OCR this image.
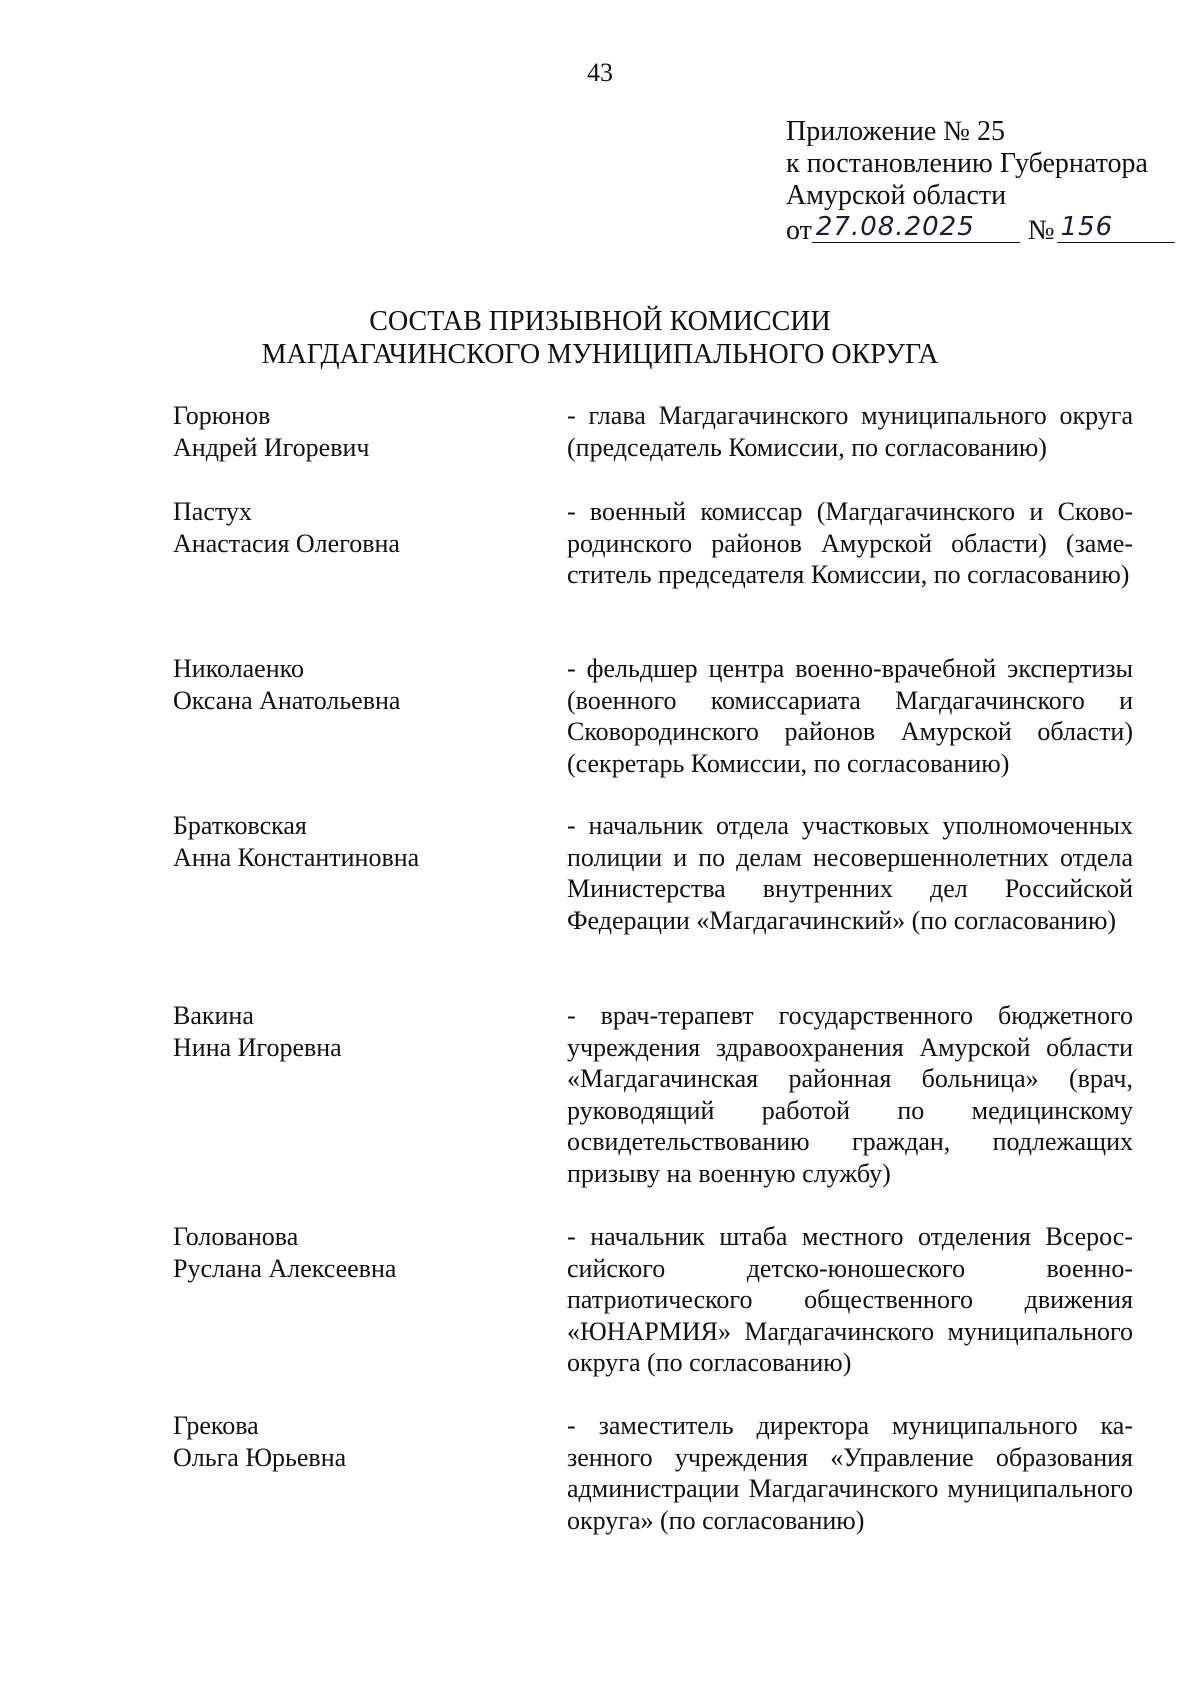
43
Приложение № 25
к постановлению Губернатора
Амурской области
от 27.08.2025	№ 156
СОСТАВ ПРИЗЫВНОЙ КОМИССИИ
МАГДАГАЧИНСКОГО МУНИЦИПАЛЬНОГО ОКРУГА
Горюнов
Андрей Игоревич
- глава Магдагачинского муниципального округа (председатель Комиссии, по согласованию)
Пастух
Анастасия Олеговна
- военный комиссар (Магдагачинского и Сковородинского районов Амурской области) (заместитель председателя Комиссии, по согласованию)
Николаенко
Оксана Анатольевна
- фельдшер центра военно-врачебной экспертизы (военного комиссариата Магдагачинского и Сковородинского районов Амурской области) (секретарь Комиссии, по согласованию)
Братковская
Анна Константиновна
- начальник отдела участковых уполномоченных полиции и по делам несовершеннолетних отдела Министерства внутренних дел Российской Федерации «Магдагачинский» (по согласованию)
Вакина
Нина Игоревна
- врач-терапевт государственного бюджетного учреждения здравоохранения Амурской области «Магдагачинская районная больница» (врач, руководящий работой по медицинскому освидетельствованию граждан, подлежащих призыву на военную службу)
Голованова
Руслана Алексеевна
- начальник штаба местного отделения Всероссийского детско-юношеского военно-патриотического общественного движения «ЮНАРМИЯ» Магдагачинского муниципального округа (по согласованию)
Грекова
Ольга Юрьевна
- заместитель директора муниципального казенного учреждения «Управление образования администрации Магдагачинского муниципального округа» (по согласованию)
